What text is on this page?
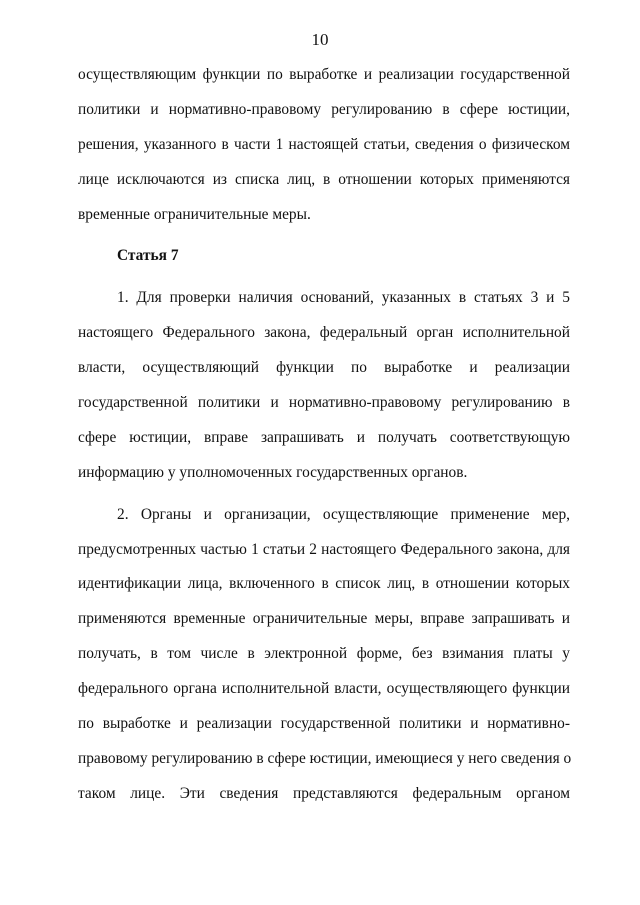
10
осуществляющим функции по выработке и реализации государственной
политики и нормативно-правовому регулированию в сфере юстиции,
решения, указанного в части 1 настоящей статьи, сведения о физическом
лице исключаются из списка лиц, в отношении которых применяются
временные ограничительные меры.
Статья 7
1. Для проверки наличия оснований, указанных в статьях 3 и 5
настоящего Федерального закона, федеральный орган исполнительной
власти, осуществляющий функции по выработке и реализации
государственной политики и нормативно-правовому регулированию в
сфере юстиции, вправе запрашивать и получать соответствующую
информацию у уполномоченных государственных органов.
2. Органы и организации, осуществляющие применение мер,
предусмотренных частью 1 статьи 2 настоящего Федерального закона, для
идентификации лица, включенного в список лиц, в отношении которых
применяются временные ограничительные меры, вправе запрашивать и
получать, в том числе в электронной форме, без взимания платы у
федерального органа исполнительной власти, осуществляющего функции
по выработке и реализации государственной политики и нормативно-
правовому регулированию в сфере юстиции, имеющиеся у него сведения о
таком лице. Эти сведения представляются федеральным органом
